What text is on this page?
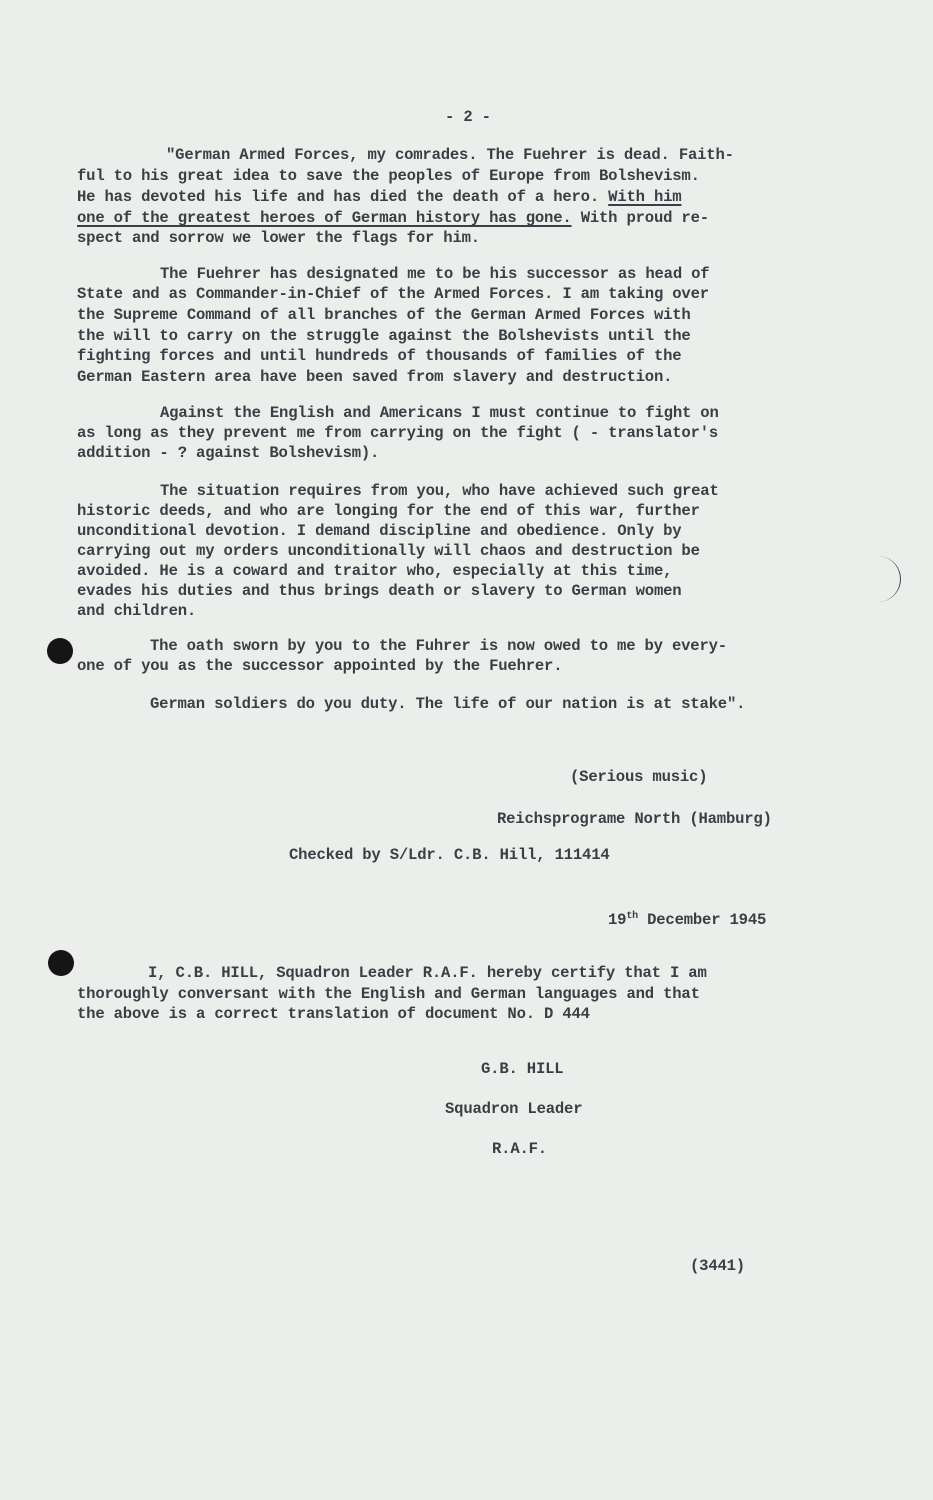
- 2 -
"German Armed Forces, my comrades. The Fuehrer is dead. Faith-
ful to his great idea to save the peoples of Europe from Bolshevism.
He has devoted his life and has died the death of a hero. With him
one of the greatest heroes of German history has gone. With proud re-
spect and sorrow we lower the flags for him.
The Fuehrer has designated me to be his successor as head of
State and as Commander-in-Chief of the Armed Forces. I am taking over
the Supreme Command of all branches of the German Armed Forces with
the will to carry on the struggle against the Bolshevists until the
fighting forces and until hundreds of thousands of families of the
German Eastern area have been saved from slavery and destruction.
Against the English and Americans I must continue to fight on
as long as they prevent me from carrying on the fight ( - translator's
addition - ? against Bolshevism).
The situation requires from you, who have achieved such great
historic deeds, and who are longing for the end of this war, further
unconditional devotion. I demand discipline and obedience. Only by
carrying out my orders unconditionally will chaos and destruction be
avoided. He is a coward and traitor who, especially at this time,
evades his duties and thus brings death or slavery to German women
and children.
The oath sworn by you to the Fuhrer is now owed to me by every-
one of you as the successor appointed by the Fuehrer.
German soldiers do you duty. The life of our nation is at stake".
(Serious music)
Reichsprograme North (Hamburg)
Checked by S/Ldr. C.B. Hill, 111414
19th December 1945
I, C.B. HILL, Squadron Leader R.A.F. hereby certify that I am
thoroughly conversant with the English and German languages and that
the above is a correct translation of document No. D 444
G.B. HILL
Squadron Leader
R.A.F.
(3441)
